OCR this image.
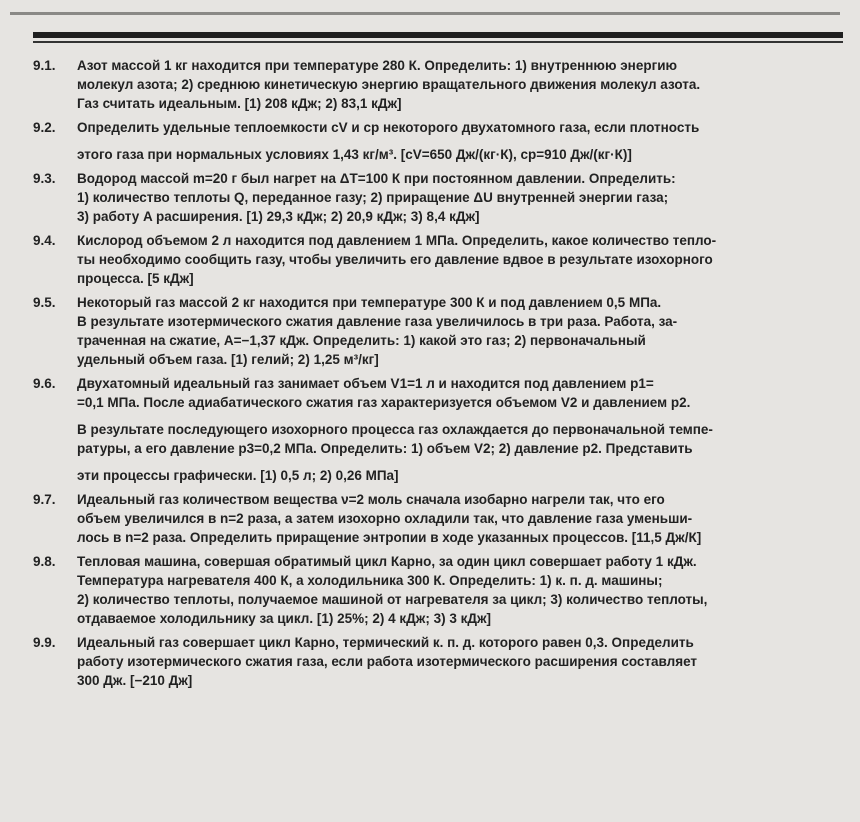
9.1.	Азот массой 1 кг находится при температуре 280 К. Определить: 1) внутреннюю энергию
молекул азота; 2) среднюю кинетическую энергию вращательного движения молекул азота.
Газ считать идеальным. [1) 208 кДж; 2) 83,1 кДж]
9.2.	Определить удельные теплоемкости cV и cp некоторого двухатомного газа, если плотность
этого газа при нормальных условиях 1,43 кг/м³. [cV=650 Дж/(кг·К), cp=910 Дж/(кг·К)]
9.3.	Водород массой m=20 г был нагрет на ΔT=100 К при постоянном давлении. Определить:
1) количество теплоты Q, переданное газу; 2) приращение ΔU внутренней энергии газа;
3) работу A расширения. [1) 29,3 кДж; 2) 20,9 кДж; 3) 8,4 кДж]
9.4.	Кислород объемом 2 л находится под давлением 1 МПа. Определить, какое количество тепло-
ты необходимо сообщить газу, чтобы увеличить его давление вдвое в результате изохорного
процесса. [5 кДж]
9.5.	Некоторый газ массой 2 кг находится при температуре 300 К и под давлением 0,5 МПа.
В результате изотермического сжатия давление газа увеличилось в три раза. Работа, за-
траченная на сжатие, A=−1,37 кДж. Определить: 1) какой это газ; 2) первоначальный
удельный объем газа. [1) гелий; 2) 1,25 м³/кг]
9.6.	Двухатомный идеальный газ занимает объем V1=1 л и находится под давлением p1=
=0,1 МПа. После адиабатического сжатия газ характеризуется объемом V2 и давлением p2.
В результате последующего изохорного процесса газ охлаждается до первоначальной темпе-
ратуры, а его давление p3=0,2 МПа. Определить: 1) объем V2; 2) давление p2. Представить
эти процессы графически. [1) 0,5 л; 2) 0,26 МПа]
9.7.	Идеальный газ количеством вещества ν=2 моль сначала изобарно нагрели так, что его
объем увеличился в n=2 раза, а затем изохорно охладили так, что давление газа уменьши-
лось в n=2 раза. Определить приращение энтропии в ходе указанных процессов. [11,5 Дж/К]
9.8.	Тепловая машина, совершая обратимый цикл Карно, за один цикл совершает работу 1 кДж.
Температура нагревателя 400 К, а холодильника 300 К. Определить: 1) к. п. д. машины;
2) количество теплоты, получаемое машиной от нагревателя за цикл; 3) количество теплоты,
отдаваемое холодильнику за цикл. [1) 25%; 2) 4 кДж; 3) 3 кДж]
9.9.	Идеальный газ совершает цикл Карно, термический к. п. д. которого равен 0,3. Определить
работу изотермического сжатия газа, если работа изотермического расширения составляет
300 Дж. [−210 Дж]
